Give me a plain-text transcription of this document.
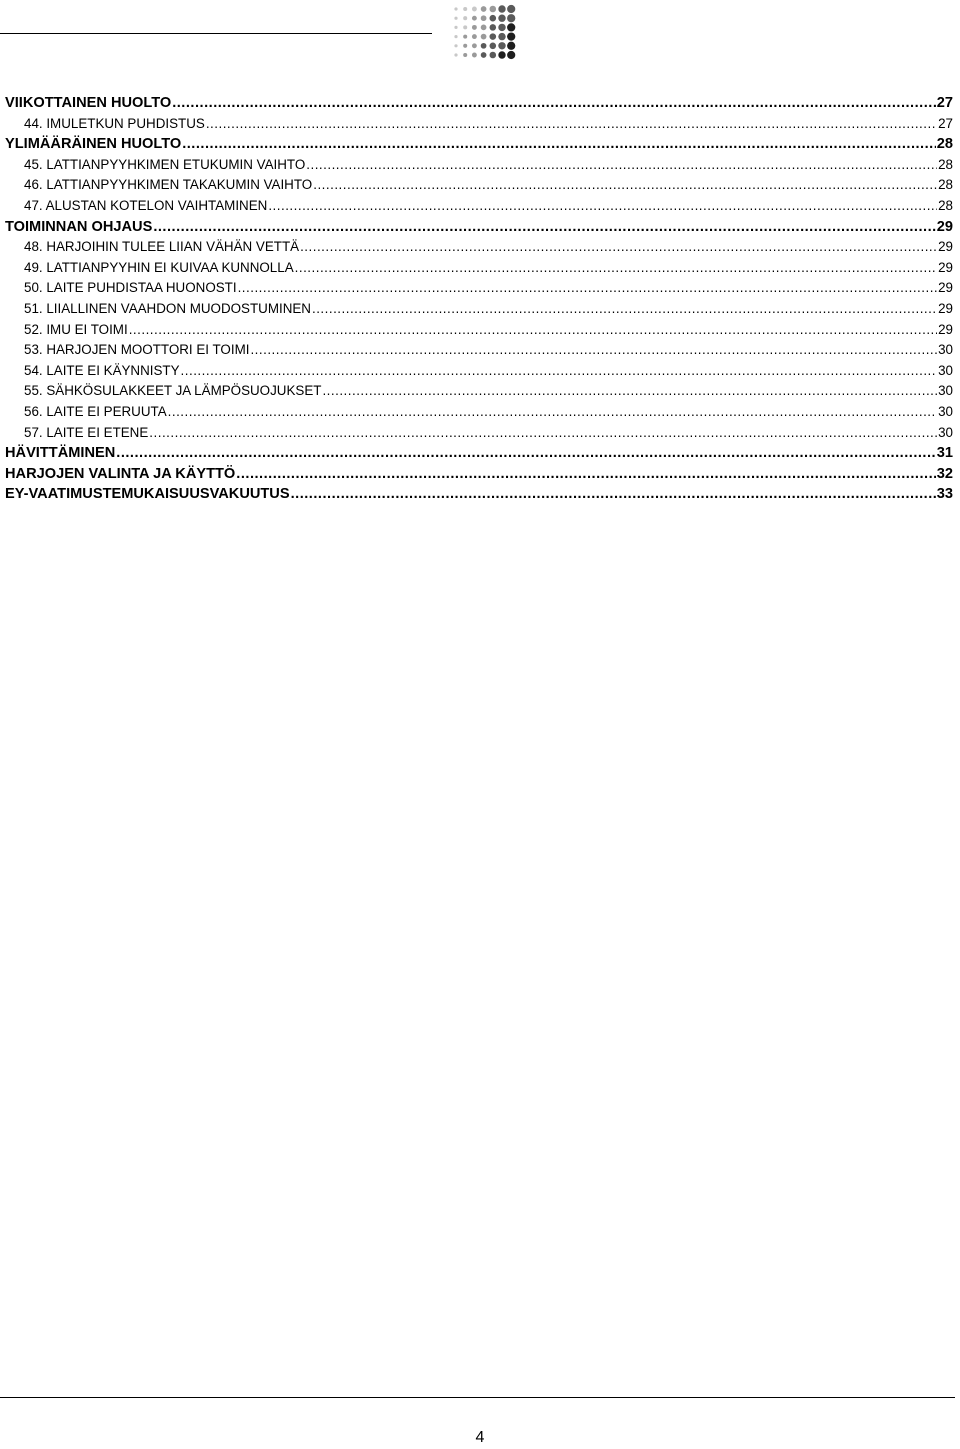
VIIKOTTAINEN HUOLTO .....	27
44. IMULETKUN PUHDISTUS .....	27
YLIMÄÄRÄINEN HUOLTO .....	28
45. LATTIANPYYHKIMEN ETUKUMIN VAIHTO .....	28
46. LATTIANPYYHKIMEN TAKAKUMIN VAIHTO .....	28
47. ALUSTAN KOTELON VAIHTAMINEN .....	28
TOIMINNAN OHJAUS .....	29
48. HARJOIHIN TULEE LIIAN VÄHÄN VETTÄ .....	29
49. LATTIANPYYHIN EI KUIVAA KUNNOLLA .....	29
50. LAITE PUHDISTAA HUONOSTI .....	29
51. LIIALLINEN VAAHDON MUODOSTUMINEN .....	29
52. IMU EI TOIMI .....	29
53. HARJOJEN MOOTTORI EI TOIMI .....	30
54. LAITE EI KÄYNNISTY .....	30
55. SÄHKÖSULAKKEET JA LÄMPÖSUOJUKSET .....	30
56. LAITE EI PERUUTA .....	30
57. LAITE EI ETENE .....	30
HÄVITTÄMINEN .....	31
HARJOJEN VALINTA JA KÄYTTÖ .....	32
EY-VAATIMUSTEMUKAISUUSVAKUUTUS .....	33
4
